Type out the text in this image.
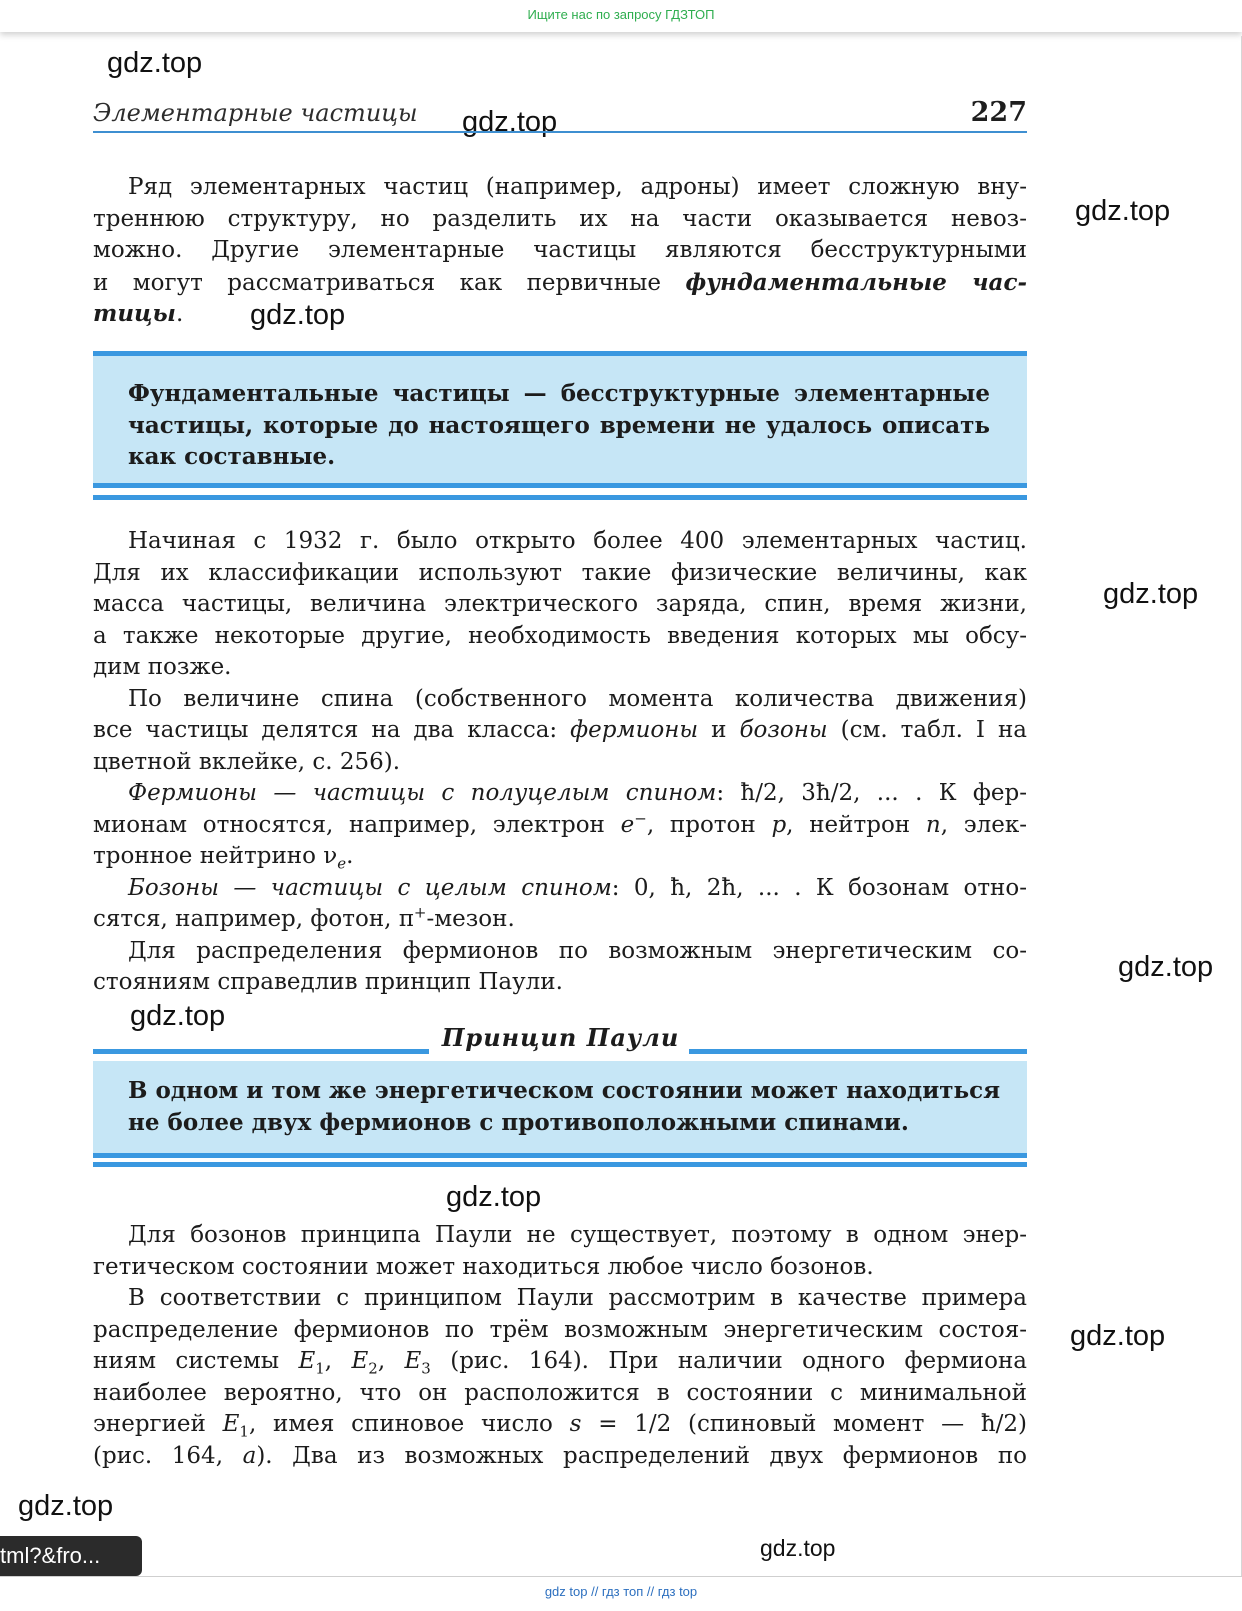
Ищите нас по запросу ГДЗТОП
gdz.top
gdz.top
gdz.top
gdz.top
gdz.top
gdz.top
gdz.top
gdz.top
gdz.top
gdz.top
gdz.top
Элементарные частицы	227
Ряд элементарных частиц (например, адроны) имеет сложную вну-
треннюю структуру, но разделить их на части оказывается невоз-
можно. Другие элементарные частицы являются бесструктурными
и могут рассматриваться как первичные фундаментальные час-
тицы.
Фундаментальные частицы — бесструктурные элементарные
частицы, которые до настоящего времени не удалось описать
как составные.
Начиная с 1932 г. было открыто более 400 элементарных частиц.
Для их классификации используют такие физические величины, как
масса частицы, величина электрического заряда, спин, время жизни,
а также некоторые другие, необходимость введения которых мы обсу-
дим позже.
По величине спина (собственного момента количества движения)
все частицы делятся на два класса: фермионы и бозоны (см. табл. I на
цветной вклейке, с. 256).
Фермионы — частицы с полуцелым спином: ħ/2, 3ħ/2, ... . К фер-
мионам относятся, например, электрон e−, протон p, нейтрон n, элек-
тронное нейтрино $\nu_e$.
Бозоны — частицы с целым спином: 0, ħ, 2ħ, ... . К бозонам отно-
сятся, например, фотон, π+-мезон.
Для распределения фермионов по возможным энергетическим со-
стояниям справедлив принцип Паули.
Принцип Паули
В одном и том же энергетическом состоянии может находиться
не более двух фермионов с противоположными спинами.
Для бозонов принципа Паули не существует, поэтому в одном энер-
гетическом состоянии может находиться любое число бозонов.
В соответствии с принципом Паули рассмотрим в качестве примера
распределение фермионов по трём возможным энергетическим состоя-
ниям системы $E_1$, $E_2$, $E_3$ (рис. 164). При наличии одного фермиона
наиболее вероятно, что он расположится в состоянии с минимальной
энергией $E_1$, имея спиновое число s = 1/2 (спиновый момент — ħ/2)
(рис. 164, a). Два из возможных распределений двух фермионов по
tml?&fro...
gdz top // гдз топ // гдз top
